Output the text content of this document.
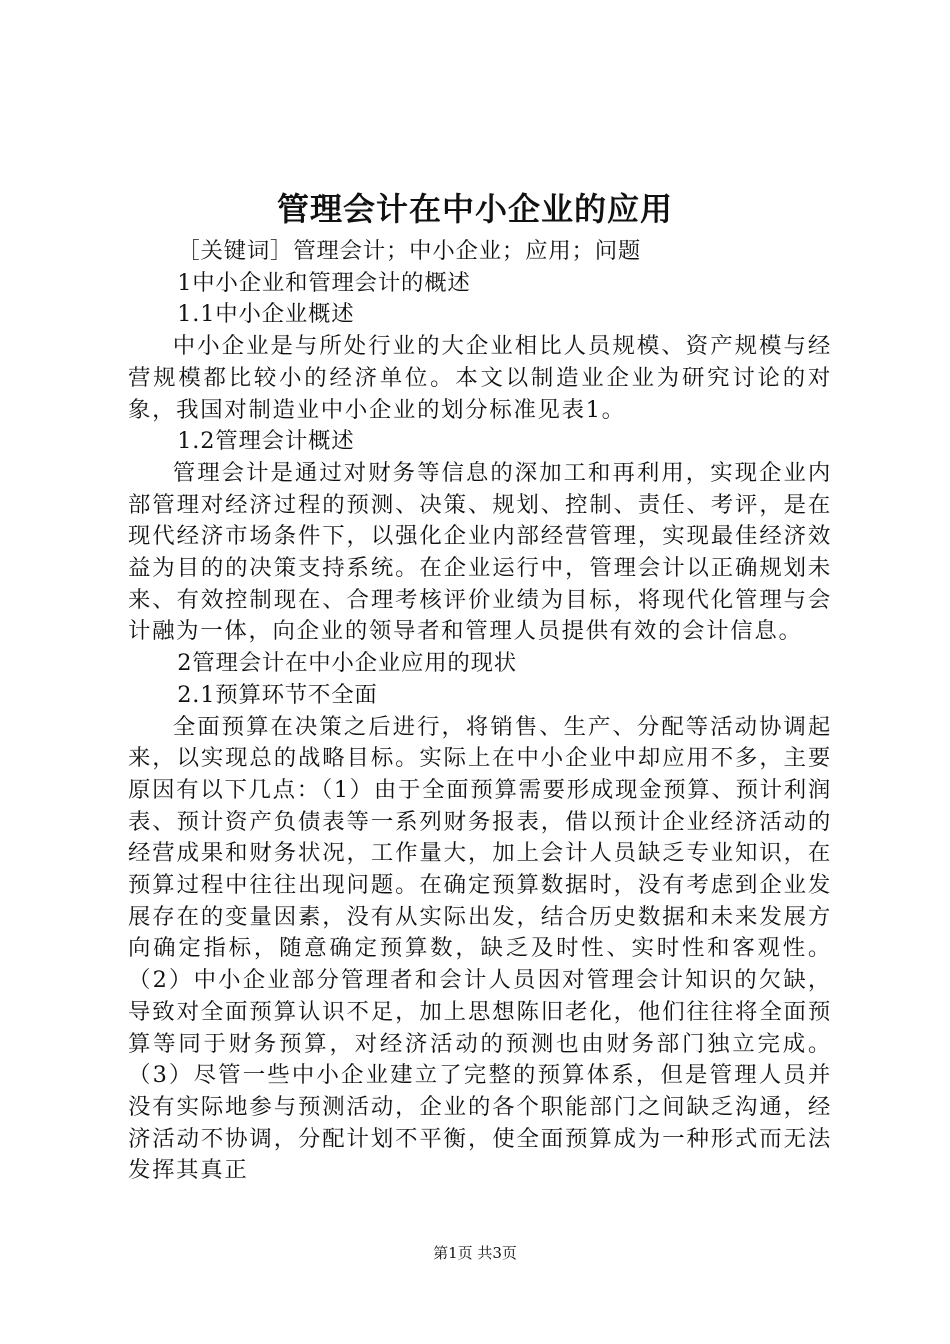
管理会计在中小企业的应用

［关键词］管理会计；中小企业；应用；问题

1中小企业和管理会计的概述

1.1中小企业概述

中小企业是与所处行业的大企业相比人员规模、资产规模与经营规模都比较小的经济单位。本文以制造业企业为研究讨论的对象，我国对制造业中小企业的划分标准见表1。

1.2管理会计概述

管理会计是通过对财务等信息的深加工和再利用，实现企业内部管理对经济过程的预测、决策、规划、控制、责任、考评，是在现代经济市场条件下，以强化企业内部经营管理，实现最佳经济效益为目的的决策支持系统。在企业运行中，管理会计以正确规划未来、有效控制现在、合理考核评价业绩为目标，将现代化管理与会计融为一体，向企业的领导者和管理人员提供有效的会计信息。

2管理会计在中小企业应用的现状

2.1预算环节不全面

全面预算在决策之后进行，将销售、生产、分配等活动协调起来，以实现总的战略目标。实际上在中小企业中却应用不多，主要原因有以下几点：（1）由于全面预算需要形成现金预算、预计利润表、预计资产负债表等一系列财务报表，借以预计企业经济活动的经营成果和财务状况，工作量大，加上会计人员缺乏专业知识，在预算过程中往往出现问题。在确定预算数据时，没有考虑到企业发展存在的变量因素，没有从实际出发，结合历史数据和未来发展方向确定指标，随意确定预算数，缺乏及时性、实时性和客观性。（2）中小企业部分管理者和会计人员因对管理会计知识的欠缺，导致对全面预算认识不足，加上思想陈旧老化，他们往往将全面预算等同于财务预算，对经济活动的预测也由财务部门独立完成。（3）尽管一些中小企业建立了完整的预算体系，但是管理人员并没有实际地参与预测活动，企业的各个职能部门之间缺乏沟通，经济活动不协调，分配计划不平衡，使全面预算成为一种形式而无法发挥其真正

第1页 共3页
